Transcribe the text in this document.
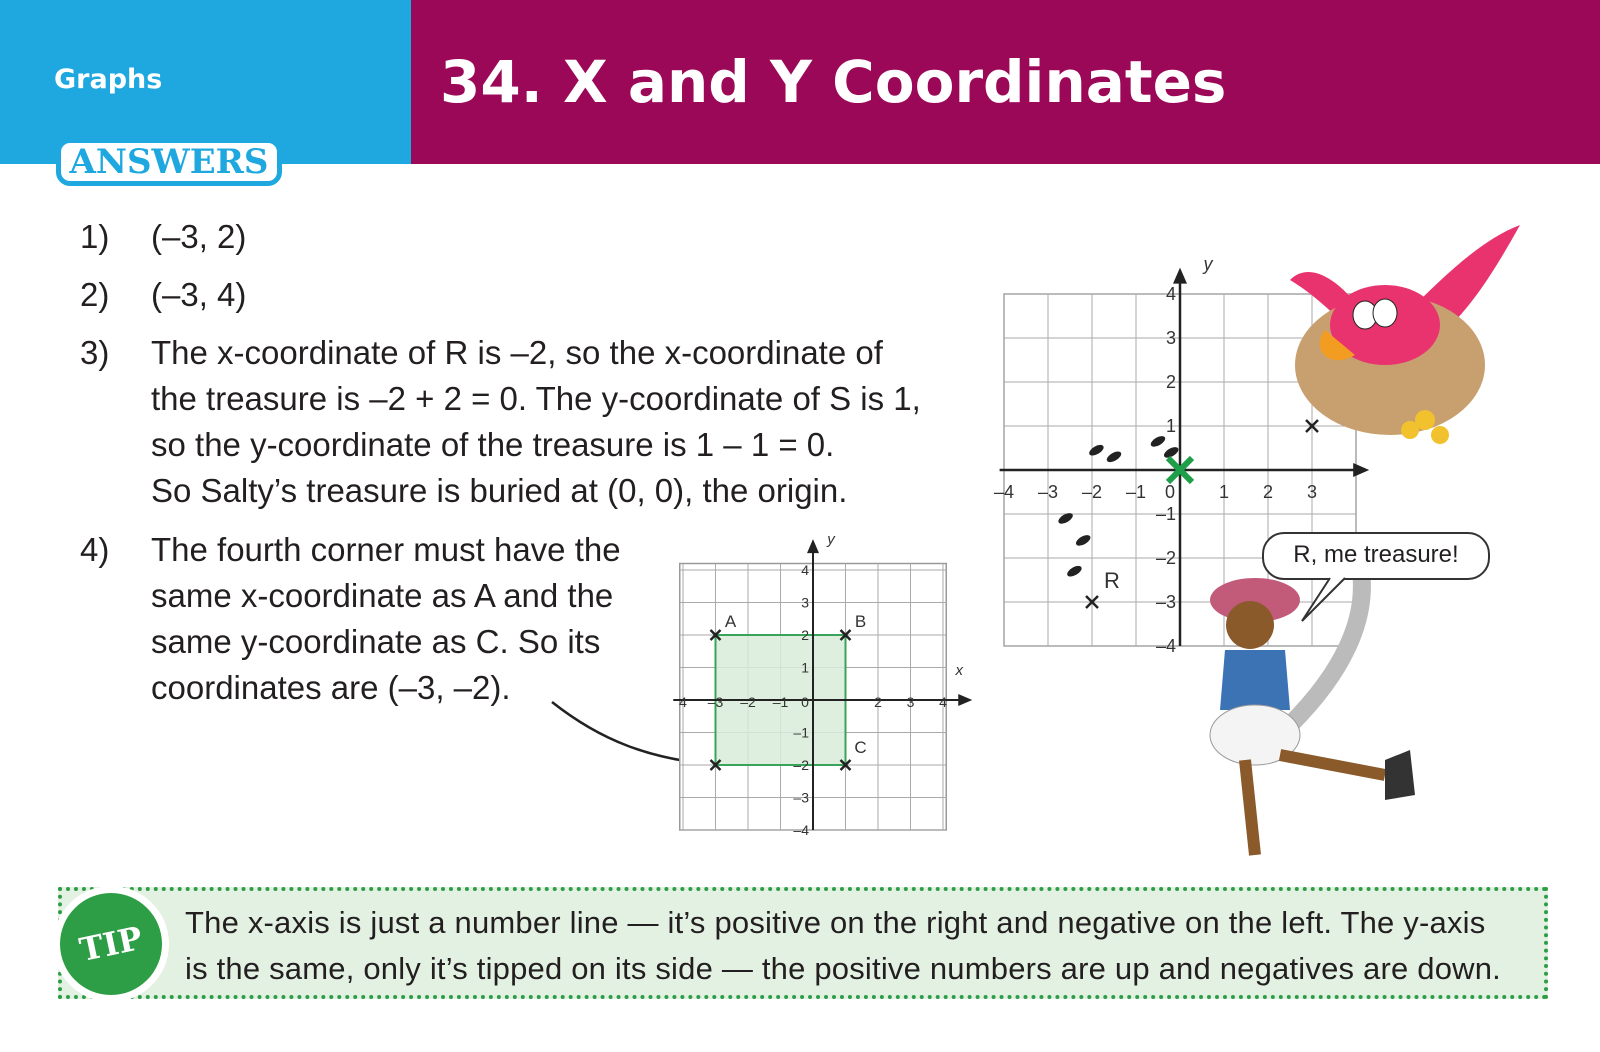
Graphs	34. X and Y Coordinates
ANSWERS
1) (–3, 2)
2) (–3, 4)
3) The x-coordinate of R is –2, so the x-coordinate of
the treasure is –2 + 2 = 0. The y-coordinate of S is 1,
so the y-coordinate of the treasure is 1 – 1 = 0.
So Salty’s treasure is buried at (0, 0), the origin.
4) The fourth corner must have the
same x-coordinate as A and the
same y-coordinate as C. So its
coordinates are (–3, –2).	x
y
4 –3 –2 –1 0	2 3 4
4
3
2
1
–1
–2
–3
–4
A	B
C
y
–4 –3 –2 –1 0 1 2 3
4
3
2
1
–1
–2
–3
–4
R
R, me treasure!
TIP	The x-axis is just a number line — it’s positive on the right and negative on the left. The y-axis
is the same, only it’s tipped on its side — the positive numbers are up and negatives are down.
